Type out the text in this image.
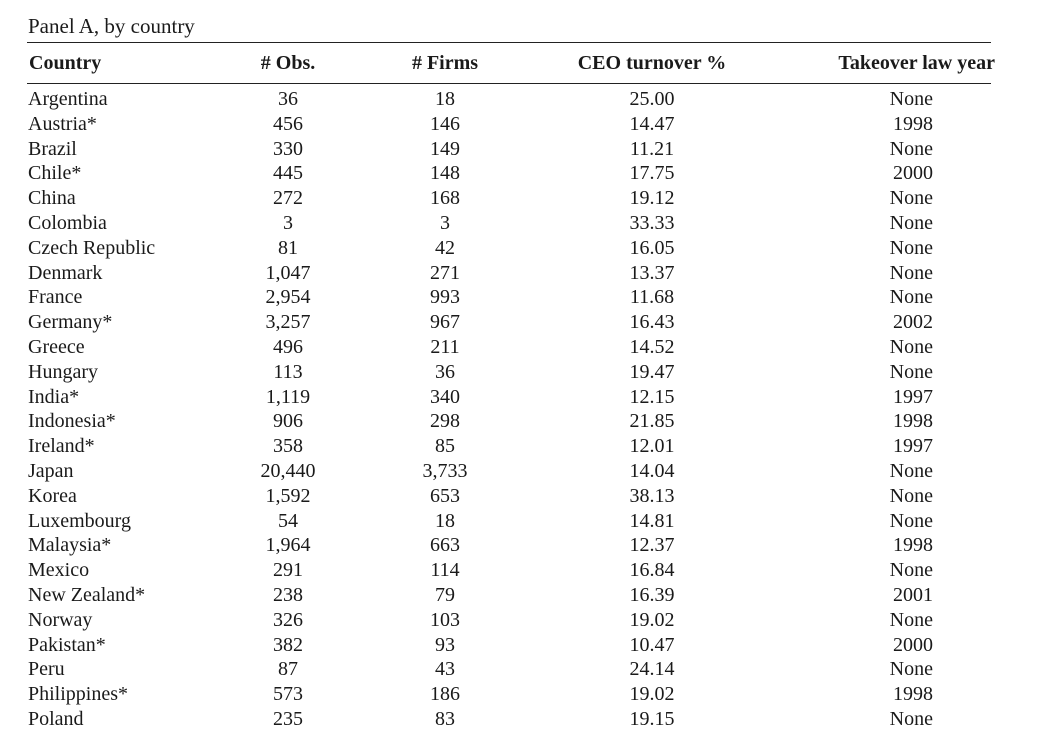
Panel A, by country
Country	# Obs.	# Firms	CEO turnover %	Takeover law year

Argentina	36	18	25.00	None
Austria*	456	146	14.47	1998
Brazil	330	149	11.21	None
Chile*	445	148	17.75	2000
China	272	168	19.12	None
Colombia	3	3	33.33	None
Czech Republic	81	42	16.05	None
Denmark	1,047	271	13.37	None
France	2,954	993	11.68	None
Germany*	3,257	967	16.43	2002
Greece	496	211	14.52	None
Hungary	113	36	19.47	None
India*	1,119	340	12.15	1997
Indonesia*	906	298	21.85	1998
Ireland*	358	85	12.01	1997
Japan	20,440	3,733	14.04	None
Korea	1,592	653	38.13	None
Luxembourg	54	18	14.81	None
Malaysia*	1,964	663	12.37	1998
Mexico	291	114	16.84	None
New Zealand*	238	79	16.39	2001
Norway	326	103	19.02	None
Pakistan*	382	93	10.47	2000
Peru	87	43	24.14	None
Philippines*	573	186	19.02	1998
Poland	235	83	19.15	None
